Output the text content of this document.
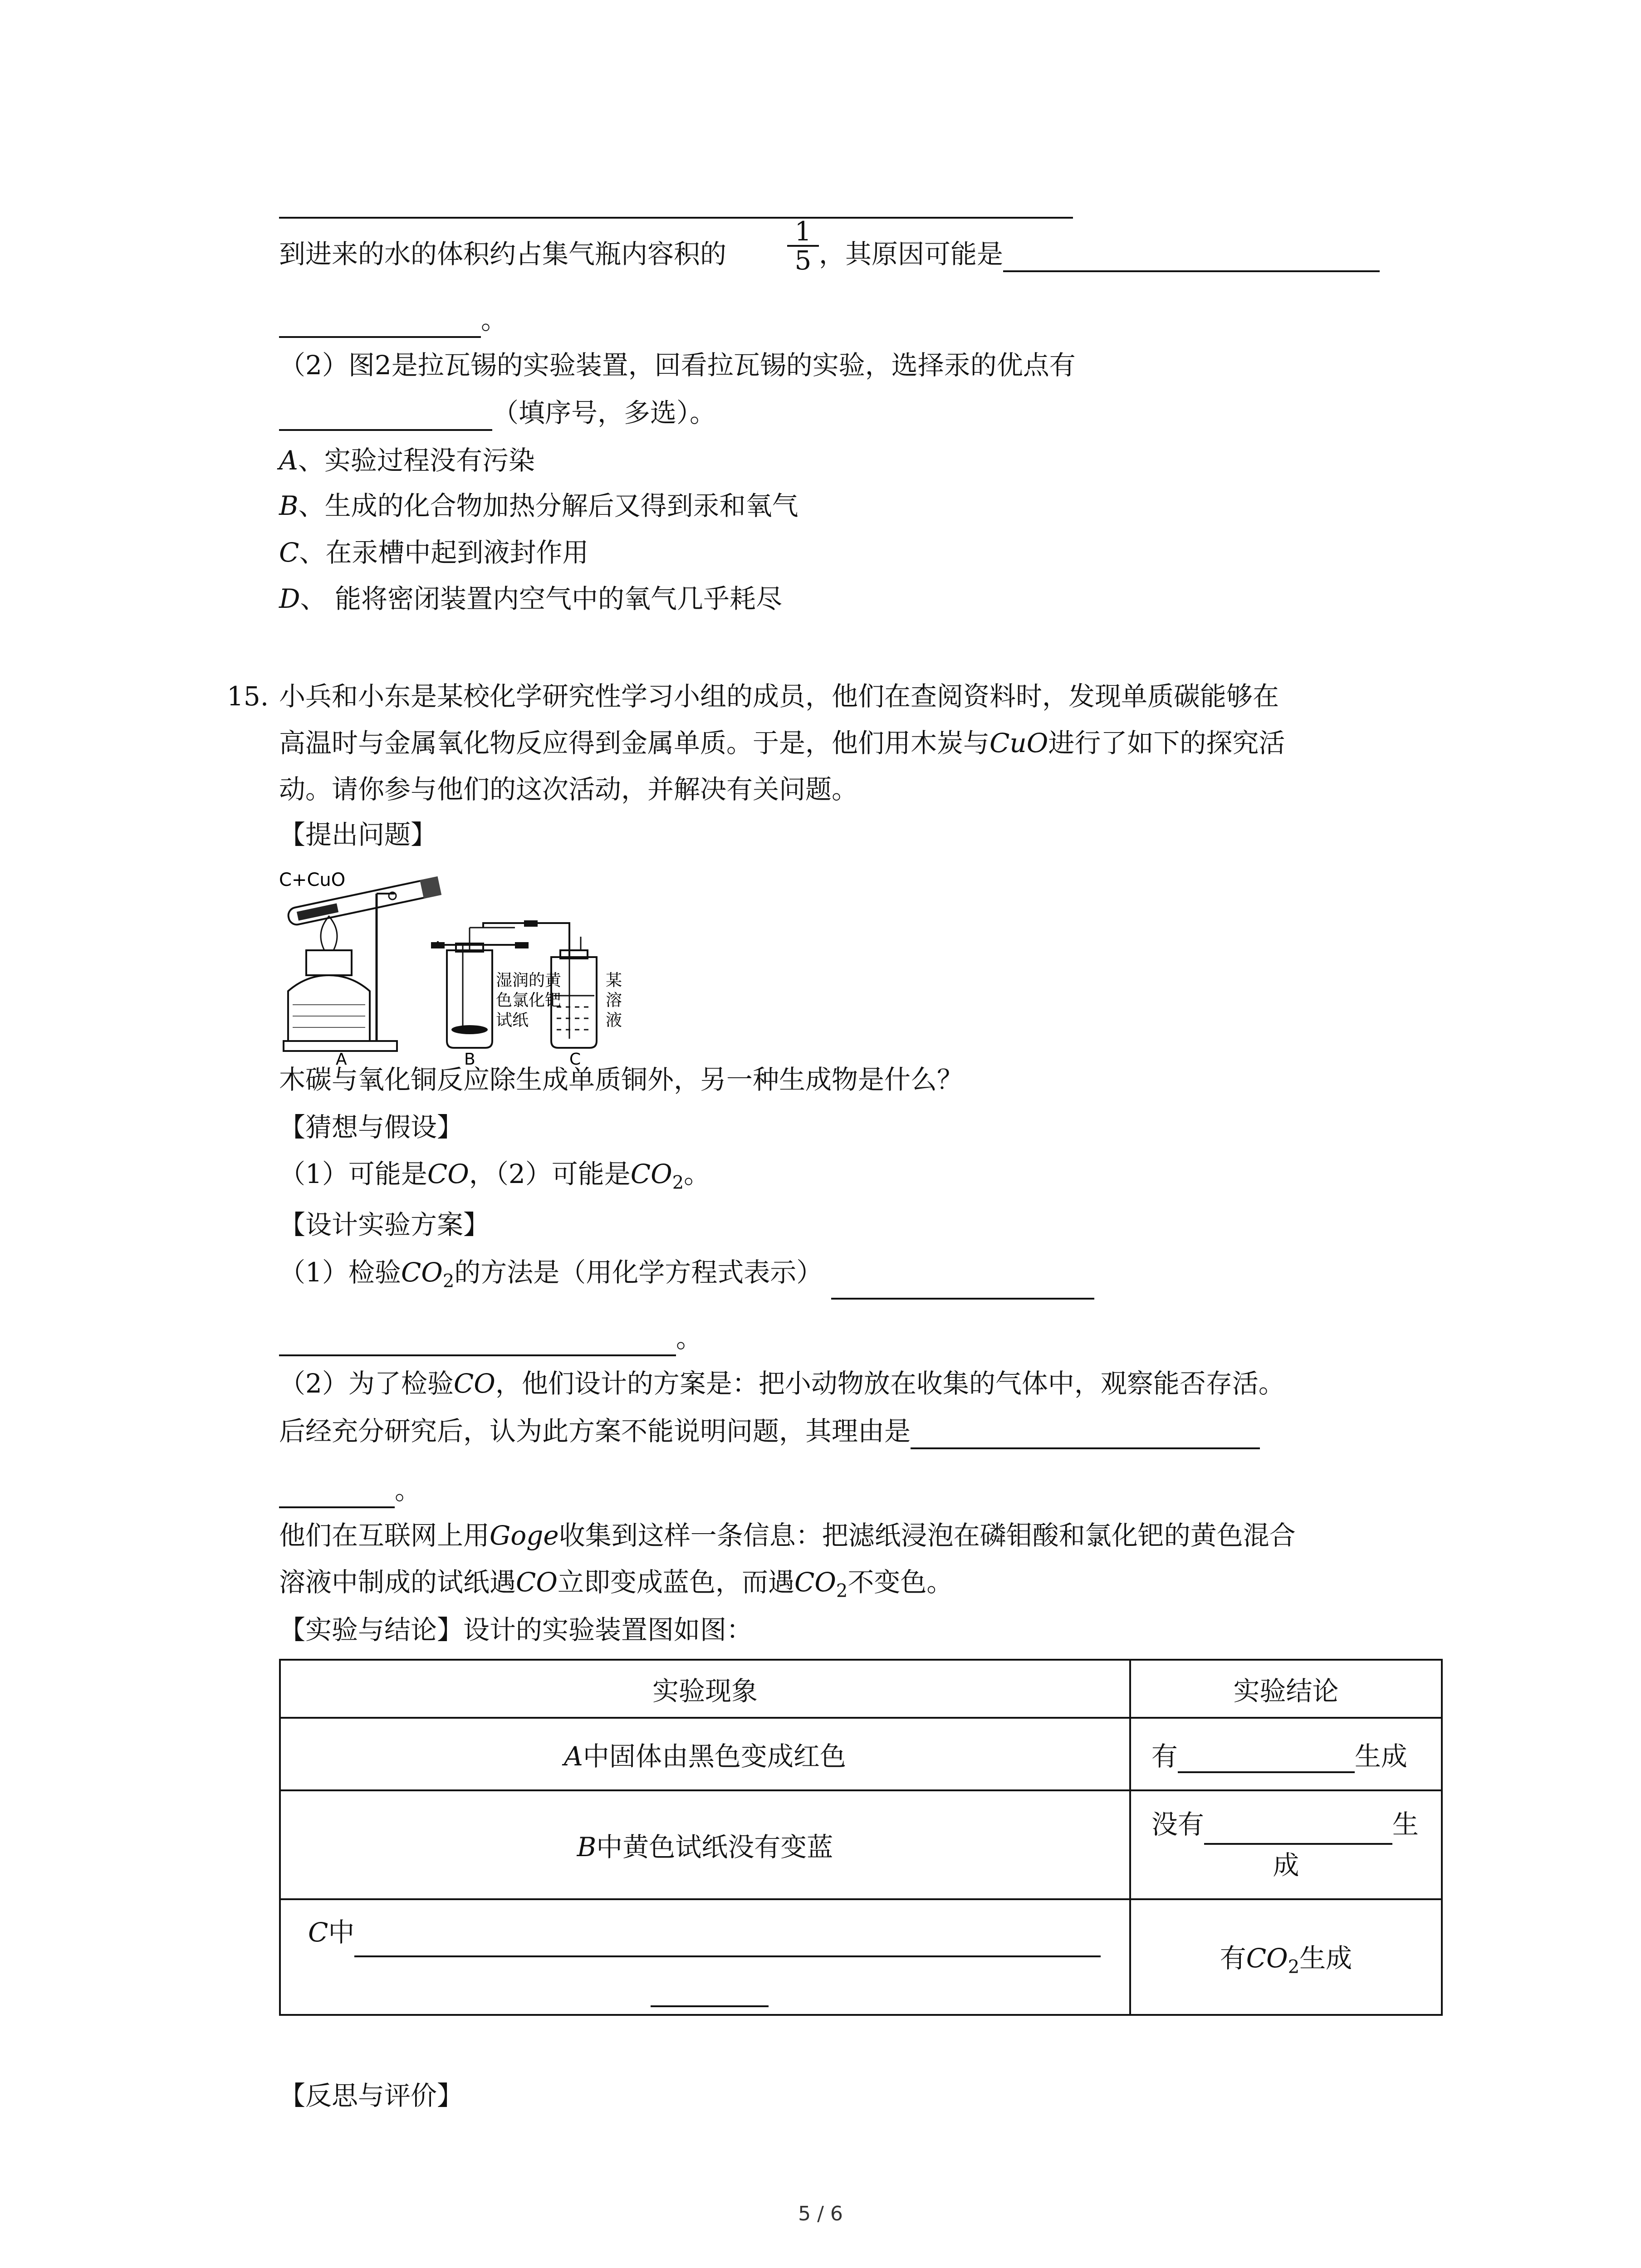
到进来的水的体积约占集气瓶内容积的
1
5 ，其原因可能是
。
（2）图2是拉瓦锡的实验装置，回看拉瓦锡的实验，选择汞的优点有
（填序号，多选）。
A、实验过程没有污染
B、生成的化合物加热分解后又得到汞和氧气
C、在汞槽中起到液封作用
D、 能将密闭装置内空气中的氧气几乎耗尽
15. 小兵和小东是某校化学研究性学习小组的成员，他们在查阅资料时，发现单质碳能够在
高温时与金属氧化物反应得到金属单质。于是，他们用木炭与CuO进行了如下的探究活
动。请你参与他们的这次活动，并解决有关问题。
【提出问题】
C+CuO
湿润的黄
色氯化钯
试纸
某
溶
液
A	B	C
木碳与氧化铜反应除生成单质铜外，另一种生成物是什么？
【猜想与假设】
（1）可能是CO，（2）可能是$CO_2$。
【设计实验方案】
（1）检验$CO_2$的方法是（用化学方程式表示）
。
（2）为了检验CO，他们设计的方案是：把小动物放在收集的气体中，观察能否存活。
后经充分研究后，认为此方案不能说明问题，其理由是
。
他们在互联网上用Goge收集到这样一条信息：把滤纸浸泡在磷钼酸和氯化钯的黄色混合
溶液中制成的试纸遇CO立即变成蓝色，而遇$CO_2$不变色。
【实验与结论】设计的实验装置图如图：
实验现象	实验结论
A中固体由黑色变成红色	有 生成
B中黄色试纸没有变蓝	没有 生

成

C中	有$CO_2$生成
【反思与评价】
5 / 6
